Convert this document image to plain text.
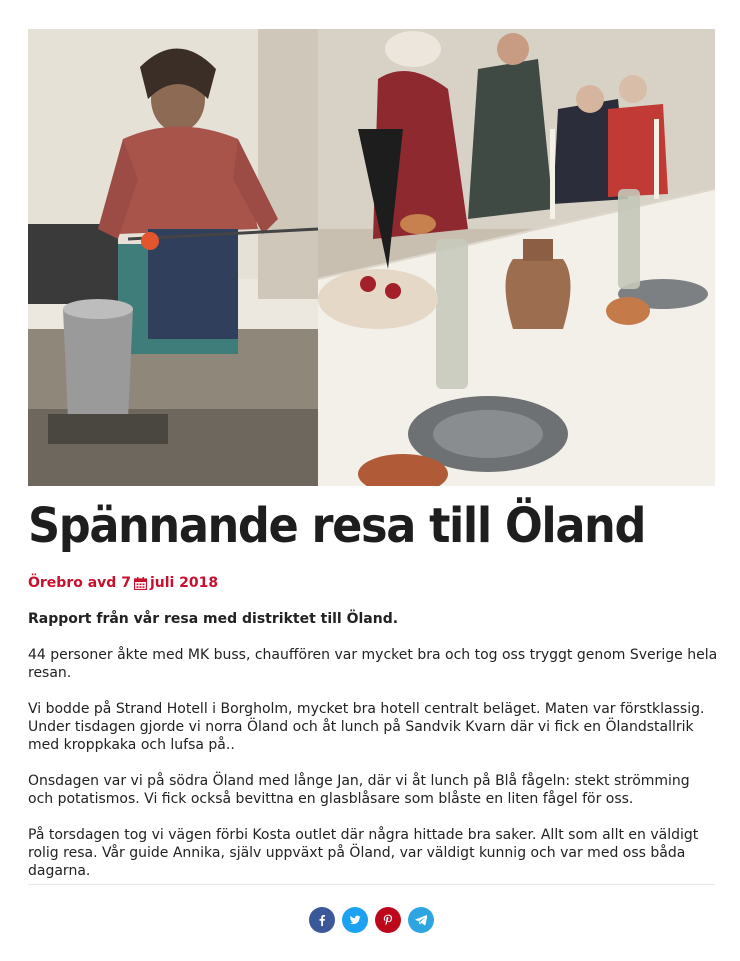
Spännande resa till Öland
Örebro avd 7 juli 2018

Rapport från vår resa med distriktet till Öland.

44 personer åkte med MK buss, chauffören var mycket bra och tog oss tryggt genom Sverige hela resan.

Vi bodde på Strand Hotell i Borgholm, mycket bra hotell centralt beläget. Maten var förstklassig. Under tisdagen gjorde vi norra Öland och åt lunch på Sandvik Kvarn där vi fick en Ölandstallrik med kroppkaka och lufsa på..

Onsdagen var vi på södra Öland med långe Jan, där vi åt lunch på Blå fågeln: stekt strömming och potatismos. Vi fick också bevittna en glasblåsare som blåste en liten fågel för oss.

På torsdagen tog vi vägen förbi Kosta outlet där några hittade bra saker. Allt som allt en väldigt rolig resa. Vår guide Annika, själv uppväxt på Öland, var väldigt kunnig och var med oss båda dagarna.
